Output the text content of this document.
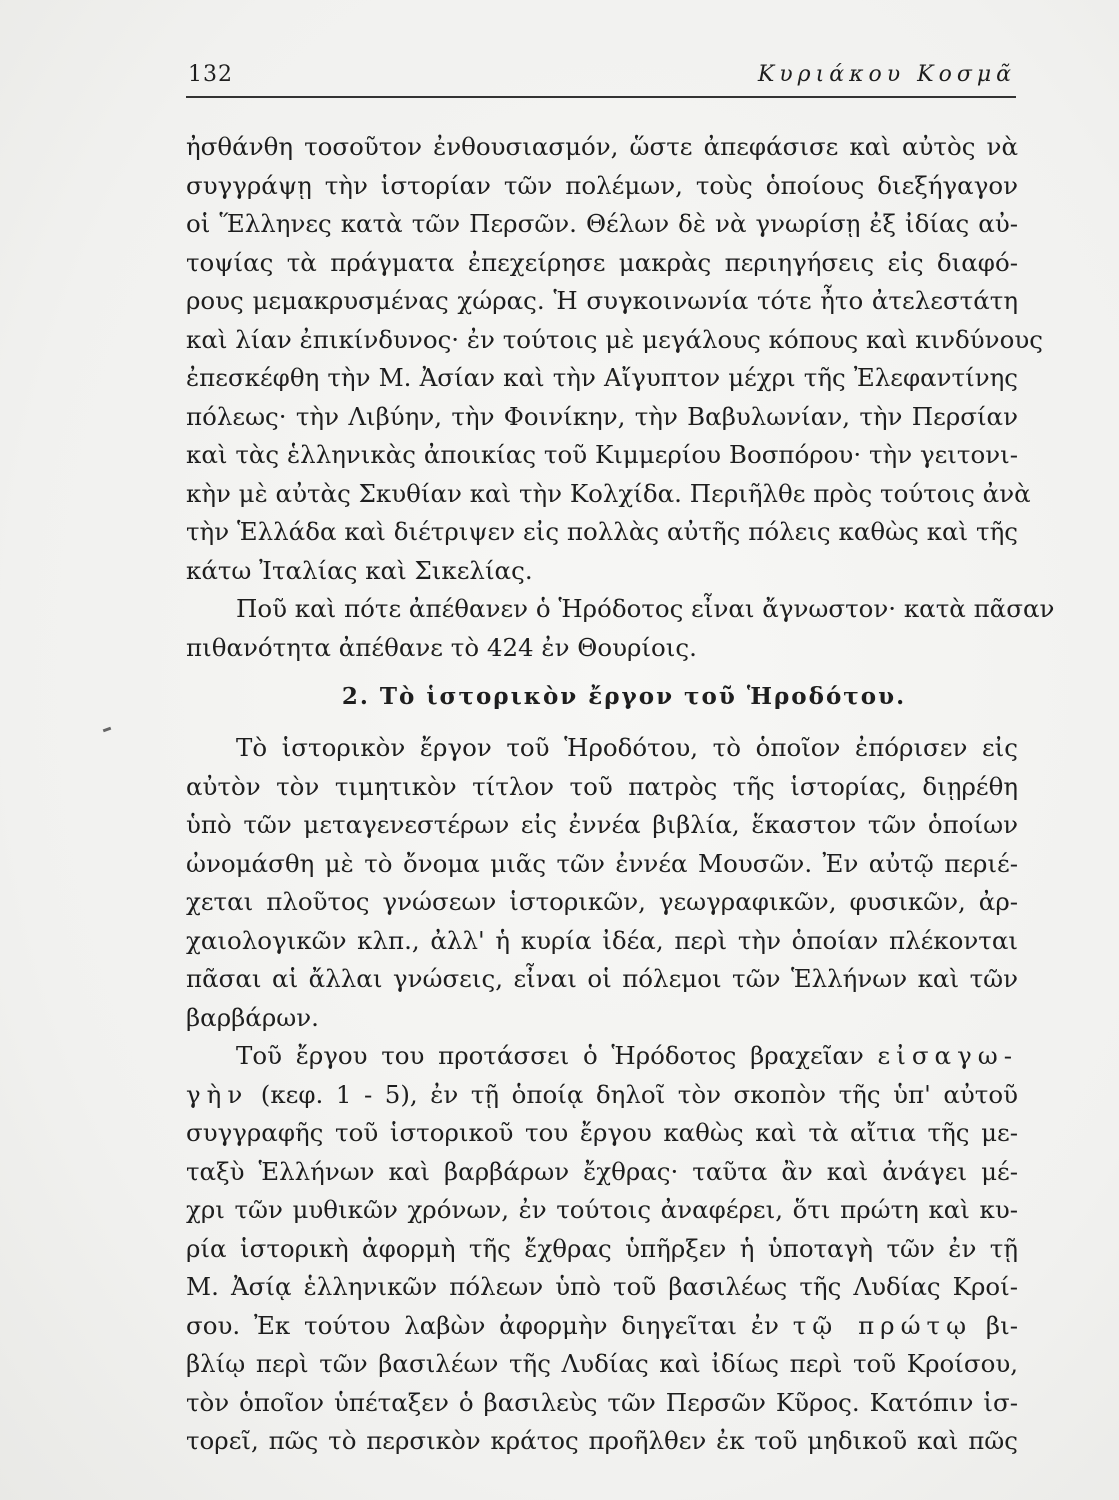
132	Κυριάκου Κοσμᾶ
ἠσθάνθη τοσοῦτον ἐνθουσιασμόν, ὥστε ἀπεφάσισε καὶ αὐτὸς νὰ
συγγράψῃ τὴν ἱστορίαν τῶν πολέμων, τοὺς ὁποίους διεξήγαγον
οἱ Ἕλληνες κατὰ τῶν Περσῶν. Θέλων δὲ νὰ γνωρίσῃ ἐξ ἰδίας αὐ-
τοψίας τὰ πράγματα ἐπεχείρησε μακρὰς περιηγήσεις εἰς διαφό-
ρους μεμακρυσμένας χώρας. Ἡ συγκοινωνία τότε ἦτο ἀτελεστάτη
καὶ λίαν ἐπικίνδυνος· ἐν τούτοις μὲ μεγάλους κόπους καὶ κινδύνους
ἐπεσκέφθη τὴν Μ. Ἀσίαν καὶ τὴν Αἴγυπτον μέχρι τῆς Ἐλεφαντίνης
πόλεως· τὴν Λιβύην, τὴν Φοινίκην, τὴν Βαβυλωνίαν, τὴν Περσίαν
καὶ τὰς ἑλληνικὰς ἀποικίας τοῦ Κιμμερίου Βοσπόρου· τὴν γειτονι-
κὴν μὲ αὐτὰς Σκυθίαν καὶ τὴν Κολχίδα. Περιῆλθε πρὸς τούτοις ἀνὰ
τὴν Ἑλλάδα καὶ διέτριψεν εἰς πολλὰς αὐτῆς πόλεις καθὼς καὶ τῆς
κάτω Ἰταλίας καὶ Σικελίας.
Ποῦ καὶ πότε ἀπέθανεν ὁ Ἡρόδοτος εἶναι ἄγνωστον· κατὰ πᾶσαν
πιθανότητα ἀπέθανε τὸ 424 ἐν Θουρίοις.
2. Τὸ ἱστορικὸν ἔργον τοῦ Ἡροδότου.
Τὸ ἱστορικὸν ἔργον τοῦ Ἡροδότου, τὸ ὁποῖον ἐπόρισεν εἰς
αὐτὸν τὸν τιμητικὸν τίτλον τοῦ πατρὸς τῆς ἱστορίας, διῃρέθη
ὑπὸ τῶν μεταγενεστέρων εἰς ἐννέα βιβλία, ἕκαστον τῶν ὁποίων
ὠνομάσθη μὲ τὸ ὄνομα μιᾶς τῶν ἐννέα Μουσῶν. Ἐν αὐτῷ περιέ-
χεται πλοῦτος γνώσεων ἱστορικῶν, γεωγραφικῶν, φυσικῶν, ἀρ-
χαιολογικῶν κλπ., ἀλλ' ἡ κυρία ἰδέα, περὶ τὴν ὁποίαν πλέκονται
πᾶσαι αἱ ἄλλαι γνώσεις, εἶναι οἱ πόλεμοι τῶν Ἑλλήνων καὶ τῶν
βαρβάρων.
Τοῦ ἔργου του προτάσσει ὁ Ἡρόδοτος βραχεῖαν εἰσαγω-
γὴν (κεφ. 1 - 5), ἐν τῇ ὁποίᾳ δηλοῖ τὸν σκοπὸν τῆς ὑπ' αὐτοῦ
συγγραφῆς τοῦ ἱστορικοῦ του ἔργου καθὼς καὶ τὰ αἴτια τῆς με-
ταξὺ Ἑλλήνων καὶ βαρβάρων ἔχθρας· ταῦτα ἂν καὶ ἀνάγει μέ-
χρι τῶν μυθικῶν χρόνων, ἐν τούτοις ἀναφέρει, ὅτι πρώτη καὶ κυ-
ρία ἱστορικὴ ἀφορμὴ τῆς ἔχθρας ὑπῆρξεν ἡ ὑποταγὴ τῶν ἐν τῇ
Μ. Ἀσίᾳ ἑλληνικῶν πόλεων ὑπὸ τοῦ βασιλέως τῆς Λυδίας Κροί-
σου. Ἐκ τούτου λαβὼν ἀφορμὴν διηγεῖται ἐν τῷ πρώτῳ βι-
βλίῳ περὶ τῶν βασιλέων τῆς Λυδίας καὶ ἰδίως περὶ τοῦ Κροίσου,
τὸν ὁποῖον ὑπέταξεν ὁ βασιλεὺς τῶν Περσῶν Κῦρος. Κατόπιν ἱσ-
τορεῖ, πῶς τὸ περσικὸν κράτος προῆλθεν ἐκ τοῦ μηδικοῦ καὶ πῶς
